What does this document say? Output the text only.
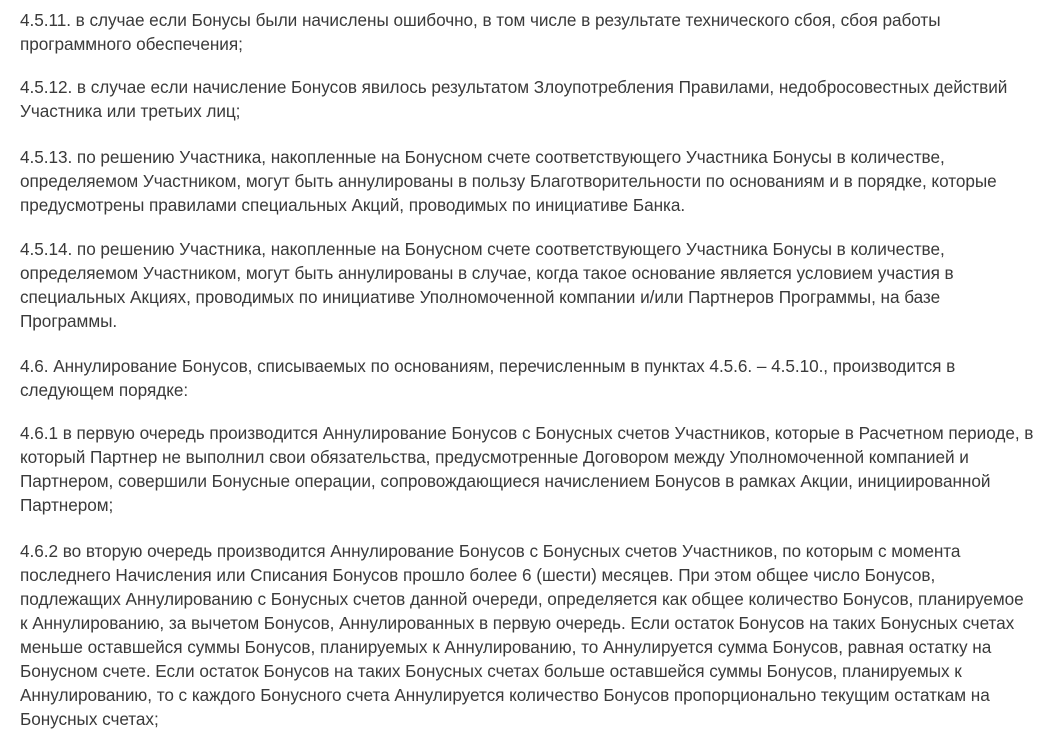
4.5.11. в случае если Бонусы были начислены ошибочно, в том числе в результате технического сбоя, сбоя работы программного обеспечения;

4.5.12. в случае если начисление Бонусов явилось результатом Злоупотребления Правилами, недобросовестных действий Участника или третьих лиц;

4.5.13. по решению Участника, накопленные на Бонусном счете соответствующего Участника Бонусы в количестве, определяемом Участником, могут быть аннулированы в пользу Благотворительности по основаниям и в порядке, которые предусмотрены правилами специальных Акций, проводимых по инициативе Банка.

4.5.14. по решению Участника, накопленные на Бонусном счете соответствующего Участника Бонусы в количестве, определяемом Участником, могут быть аннулированы в случае, когда такое основание является условием участия в специальных Акциях, проводимых по инициативе Уполномоченной компании и/или Партнеров Программы, на базе Программы.

4.6. Аннулирование Бонусов, списываемых по основаниям, перечисленным в пунктах 4.5.6. – 4.5.10., производится в следующем порядке:

4.6.1 в первую очередь производится Аннулирование Бонусов с Бонусных счетов Участников, которые в Расчетном периоде, в который Партнер не выполнил свои обязательства, предусмотренные Договором между Уполномоченной компанией и Партнером, совершили Бонусные операции, сопровождающиеся начислением Бонусов в рамках Акции, инициированной Партнером;

4.6.2 во вторую очередь производится Аннулирование Бонусов с Бонусных счетов Участников, по которым с момента последнего Начисления или Списания Бонусов прошло более 6 (шести) месяцев. При этом общее число Бонусов, подлежащих Аннулированию с Бонусных счетов данной очереди, определяется как общее количество Бонусов, планируемое к Аннулированию, за вычетом Бонусов, Аннулированных в первую очередь. Если остаток Бонусов на таких Бонусных счетах меньше оставшейся суммы Бонусов, планируемых к Аннулированию, то Аннулируется сумма Бонусов, равная остатку на Бонусном счете. Если остаток Бонусов на таких Бонусных счетах больше оставшейся суммы Бонусов, планируемых к Аннулированию, то с каждого Бонусного счета Аннулируется количество Бонусов пропорционально текущим остаткам на Бонусных счетах;
